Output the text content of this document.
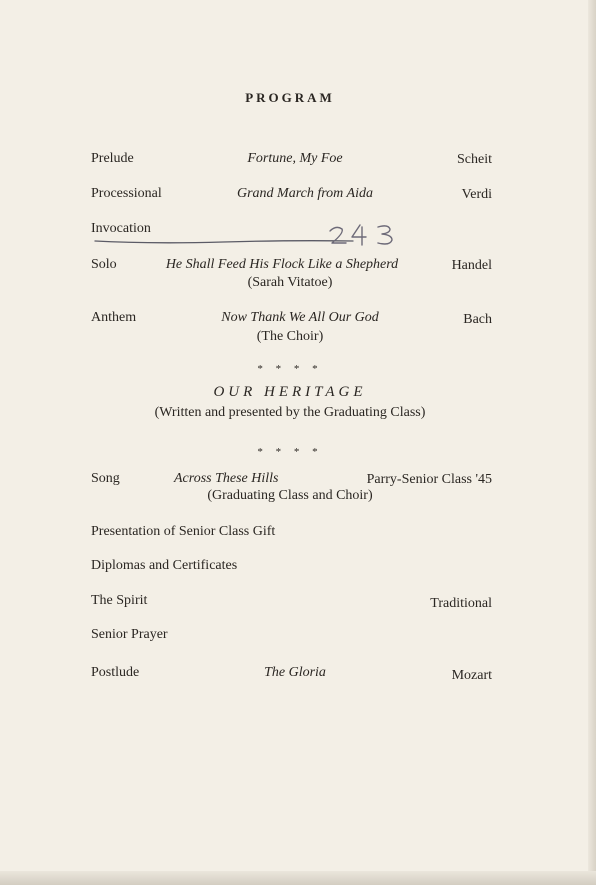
PROGRAM
Prelude	Fortune, My Foe	Scheit
Processional	Grand March from Aida	Verdi
Invocation
Solo	He Shall Feed His Flock Like a Shepherd	Handel
(Sarah Vitatoe)
Anthem	Now Thank We All Our God	Bach
(The Choir)
* * * *
OUR HERITAGE
(Written and presented by the Graduating Class)
* * * *
Song	Across These Hills	Parry-Senior Class '45
(Graduating Class and Choir)
Presentation of Senior Class Gift
Diplomas and Certificates
The Spirit	Traditional
Senior Prayer
Postlude	The Gloria	Mozart
